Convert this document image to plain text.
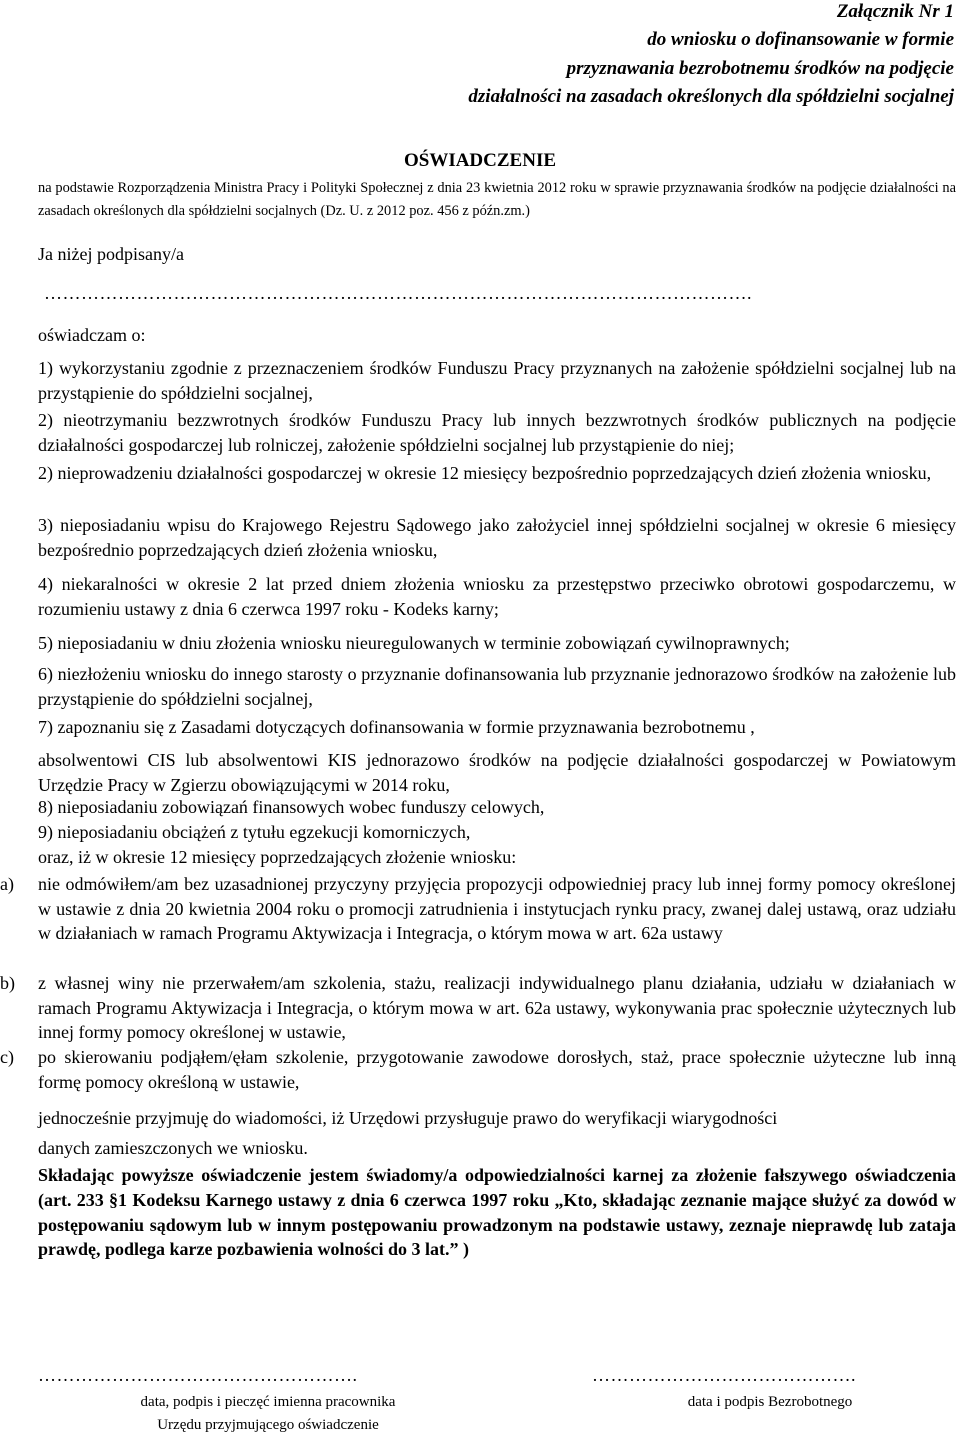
Załącznik Nr 1

do wniosku o dofinansowanie w formie

przyznawania bezrobotnemu środków na podjęcie

działalności na zasadach określonych dla spółdzielni socjalnej

OŚWIADCZENIE

na podstawie Rozporządzenia Ministra Pracy i Polityki Społecznej z dnia 23 kwietnia 2012 roku w sprawie przyznawania środków na podjęcie działalności na zasadach określonych dla spółdzielni socjalnych (Dz. U. z 2012 poz. 456 z późn.zm.)

Ja niżej podpisany/a

…………………………………………………………………………………………………….

oświadczam o:

1) wykorzystaniu zgodnie z przeznaczeniem środków Funduszu Pracy przyznanych na założenie spółdzielni socjalnej lub na przystąpienie do spółdzielni socjalnej,

2) nieotrzymaniu bezzwrotnych środków Funduszu Pracy lub innych bezzwrotnych środków publicznych na podjęcie działalności gospodarczej lub rolniczej, założenie spółdzielni socjalnej lub przystąpienie do niej;

2) nieprowadzeniu działalności gospodarczej w okresie 12 miesięcy bezpośrednio poprzedzających dzień złożenia wniosku,

3) nieposiadaniu wpisu do Krajowego Rejestru Sądowego jako założyciel innej spółdzielni socjalnej w okresie 6 miesięcy bezpośrednio poprzedzających dzień złożenia wniosku,

4) niekaralności w okresie 2 lat przed dniem złożenia wniosku za przestępstwo przeciwko obrotowi gospodarczemu, w rozumieniu ustawy z dnia 6 czerwca 1997 roku - Kodeks karny;

5) nieposiadaniu w dniu złożenia wniosku nieuregulowanych w terminie zobowiązań cywilnoprawnych;

6) niezłożeniu wniosku do innego starosty o przyznanie dofinansowania lub przyznanie jednorazowo środków na założenie lub przystąpienie do spółdzielni socjalnej,

7) zapoznaniu się z Zasadami dotyczących dofinansowania w formie przyznawania bezrobotnemu ,

absolwentowi CIS lub absolwentowi KIS jednorazowo środków na podjęcie działalności gospodarczej w Powiatowym Urzędzie Pracy w Zgierzu obowiązującymi w 2014 roku,

8) nieposiadaniu zobowiązań finansowych wobec funduszy celowych,

9) nieposiadaniu obciążeń z tytułu egzekucji komorniczych,

oraz, iż w okresie 12 miesięcy poprzedzających złożenie wniosku:

a) nie odmówiłem/am bez uzasadnionej przyczyny przyjęcia propozycji odpowiedniej pracy lub innej formy pomocy określonej w ustawie z dnia 20 kwietnia 2004 roku o promocji zatrudnienia i instytucjach rynku pracy, zwanej dalej ustawą, oraz udziału w działaniach w ramach Programu Aktywizacja i Integracja, o którym mowa w art. 62a ustawy

b) z własnej winy nie przerwałem/am szkolenia, stażu, realizacji indywidualnego planu działania, udziału w działaniach w ramach Programu Aktywizacja i Integracja, o którym mowa w art. 62a ustawy, wykonywania prac społecznie użytecznych lub innej formy pomocy określonej w ustawie,

c) po skierowaniu podjąłem/ęłam szkolenie, przygotowanie zawodowe dorosłych, staż, prace społecznie użyteczne lub inną formę pomocy określoną w ustawie,

jednocześnie przyjmuję do wiadomości, iż Urzędowi przysługuje prawo do weryfikacji wiarygodności

danych zamieszczonych we wniosku.

Składając powyższe oświadczenie jestem świadomy/a odpowiedzialności karnej za złożenie fałszywego oświadczenia (art. 233 §1 Kodeksu Karnego ustawy z dnia 6 czerwca 1997 roku „Kto, składając zeznanie mające służyć za dowód w postępowaniu sądowym lub w innym postępowaniu prowadzonym na podstawie ustawy, zeznaje nieprawdę lub zataja prawdę, podlega karze pozbawienia wolności do 3 lat.” )

…………………………………………….

data, podpis i pieczęć imienna pracownika
Urzędu przyjmującego oświadczenie

…………………………………….

data i podpis Bezrobotnego
